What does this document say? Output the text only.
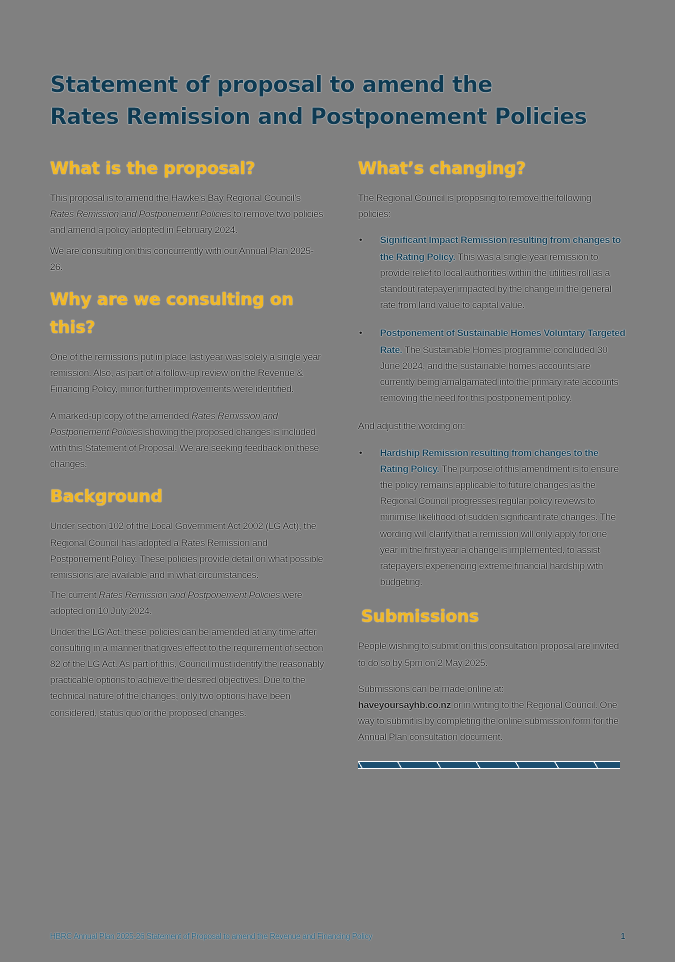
Statement of proposal to amend the
Rates Remission and Postponement Policies
What is the proposal?

This proposal is to amend the Hawke's Bay Regional Council's Rates Remission and Postponement Policies to remove two policies and amend a policy adopted in February 2024.

We are consulting on this concurrently with our Annual Plan 2025-26.

Why are we consulting on this?

One of the remissions put in place last year was solely a single year remission. Also, as part of a follow-up review on the Revenue & Financing Policy, minor further improvements were identified.

A marked-up copy of the amended Rates Remission and Postponement Policies showing the proposed changes is included with this Statement of Proposal. We are seeking feedback on these changes.

Background

Under section 102 of the Local Government Act 2002 (LG Act), the Regional Council has adopted a Rates Remission and Postponement Policy. These policies provide detail on what possible remissions are available and in what circumstances.

The current Rates Remission and Postponement Policies were adopted on 10 July 2024.

Under the LG Act, these policies can be amended at any time after consulting in a manner that gives effect to the requirement of section 82 of the LG Act. As part of this, Council must identify the reasonably practicable options to achieve the desired objectives. Due to the technical nature of the changes, only two options have been considered, status quo or the proposed changes.

What’s changing?

The Regional Council is proposing to remove the following policies:

• Significant Impact Remission resulting from changes to the Rating Policy. This was a single year remission to provide relief to local authorities within the utilities roll as a standout ratepayer impacted by the change in the general rate from land value to capital value.
• Postponement of Sustainable Homes Voluntary Targeted Rate. The Sustainable Homes programme concluded 30 June 2024, and the sustainable homes accounts are currently being amalgamated into the primary rate accounts removing the need for this postponement policy.

And adjust the wording on:

• Hardship Remission resulting from changes to the Rating Policy. The purpose of this amendment is to ensure the policy remains applicable to future changes as the Regional Council progresses regular policy reviews to minimise likelihood of sudden significant rate changes. The wording will clarify that a remission will only apply for one year in the first year a change is implemented, to assist ratepayers experiencing extreme financial hardship with budgeting.
Submissions

People wishing to submit on this consultation proposal are invited to do so by 5pm on 2 May 2025.

Submissions can be made online at:
haveyoursayhb.co.nz or in writing to the Regional Council. One way to submit is by completing the online submission form for the Annual Plan consultation document.

HBRC Annual Plan 2025-26 Statement of Proposal to amend the Revenue and Financing Policy	1
